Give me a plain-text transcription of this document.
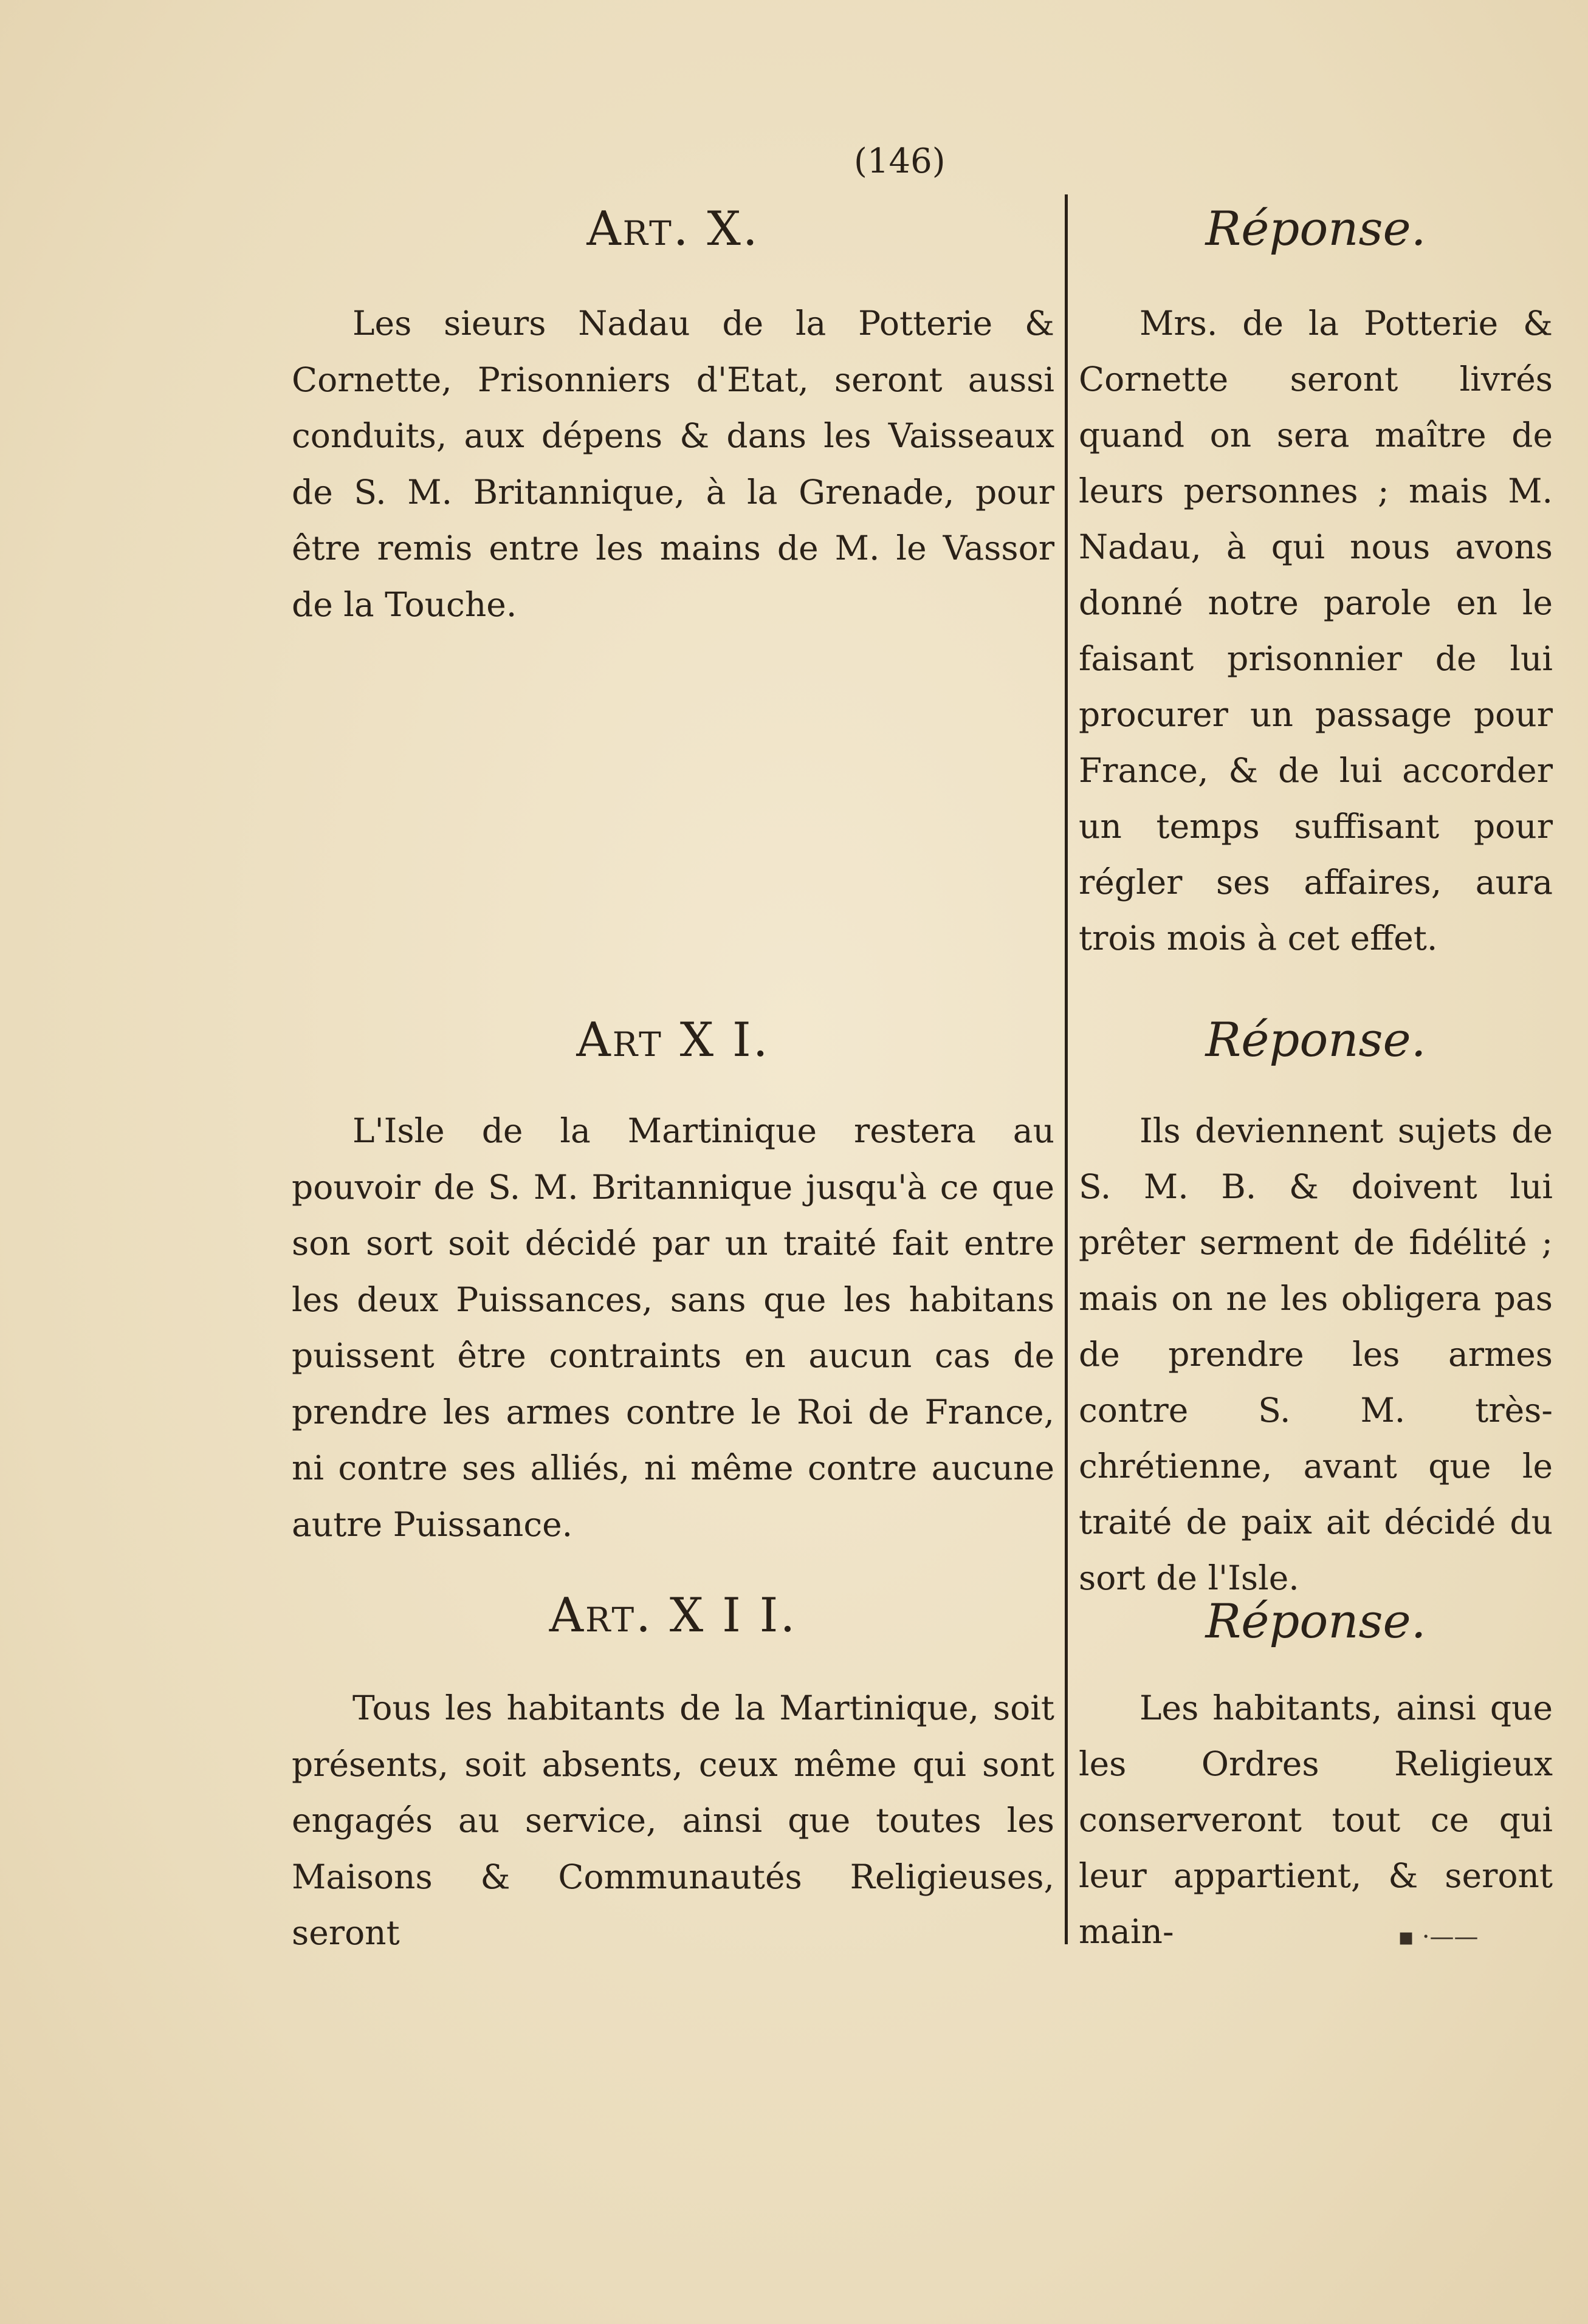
(146)
Art. X.
Les sieurs Nadau de la Potterie & Cornette, Prisonniers d'Etat, seront aussi conduits, aux dépens & dans les Vaisseaux de S. M. Britannique, à la Grenade, pour être remis entre les mains de M. le Vassor de la Touche.
Art X I.
L'Isle de la Martinique restera au pouvoir de S. M. Britannique jusqu'à ce que son sort soit décidé par un traité fait entre les deux Puissances, sans que les habitans puissent être contraints en aucun cas de prendre les armes contre le Roi de France, ni contre ses alliés, ni même contre aucune autre Puissance.
Art. X I I.
Tous les habitants de la Martinique, soit présents, soit absents, ceux même qui sont engagés au service, ainsi que toutes les Maisons & Communautés Religieuses, seront
Réponse.
Mrs. de la Potterie & Cornette seront livrés quand on sera maître de leurs personnes ; mais M. Nadau, à qui nous avons donné notre parole en le faisant prisonnier de lui procurer un passage pour France, & de lui accorder un temps suffisant pour régler ses affaires, aura trois mois à cet effet.
Réponse.
Ils deviennent sujets de S. M. B. & doivent lui prêter serment de fidélité ; mais on ne les obligera pas de prendre les armes contre S. M. très-chrétienne, avant que le traité de paix ait décidé du sort de l'Isle.
Réponse.
Les habitants, ainsi que les Ordres Religieux conserveront tout ce qui leur appartient, & seront main-	▪ ·——
